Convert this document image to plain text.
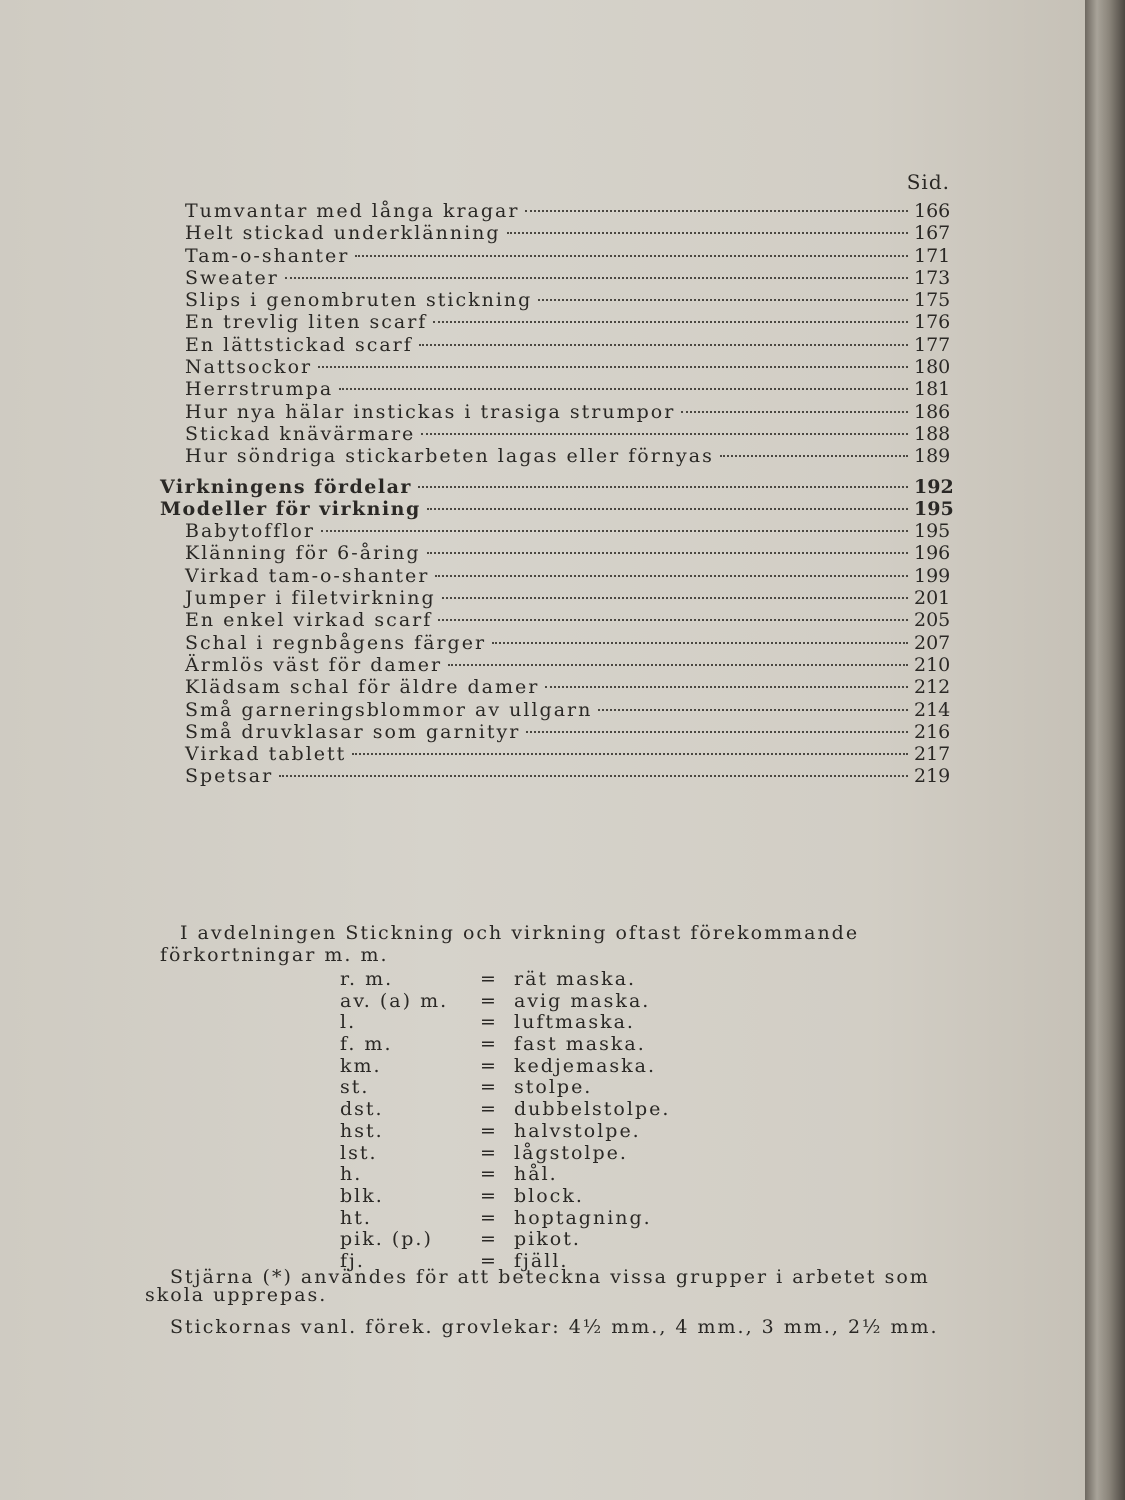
Sid.
Tumvantar med långa kragar	166
Helt stickad underklänning	167
Tam-o-shanter	171
Sweater	173
Slips i genombruten stickning	175
En trevlig liten scarf	176
En lättstickad scarf	177
Nattsockor	180
Herrstrumpa	181
Hur nya hälar instickas i trasiga strumpor	186
Stickad knävärmare	188
Hur söndriga stickarbeten lagas eller förnyas	189
Virkningens fördelar	192
Modeller för virkning	195
Babytofflor	195
Klänning för 6-åring	196
Virkad tam-o-shanter	199
Jumper i filetvirkning	201
En enkel virkad scarf	205
Schal i regnbågens färger	207
Ärmlös väst för damer	210
Klädsam schal för äldre damer	212
Små garneringsblommor av ullgarn	214
Små druvklasar som garnityr	216
Virkad tablett	217
Spetsar	219
I avdelningen Stickning och virkning oftast förekommande förkortningar m. m.
r. m.	= rät maska.
av. (a) m.	= avig maska.
l.	= luftmaska.
f. m.	= fast maska.
km.	= kedjemaska.
st.	= stolpe.
dst.	= dubbelstolpe.
hst.	= halvstolpe.
lst.	= lågstolpe.
h.	= hål.
blk.	= block.
ht.	= hoptagning.
pik. (p.)	= pikot.
fj.	= fjäll.
Stjärna (*) användes för att beteckna vissa grupper i arbetet som skola upprepas.
Stickornas vanl. förek. grovlekar: 4½ mm., 4 mm., 3 mm., 2½ mm.
